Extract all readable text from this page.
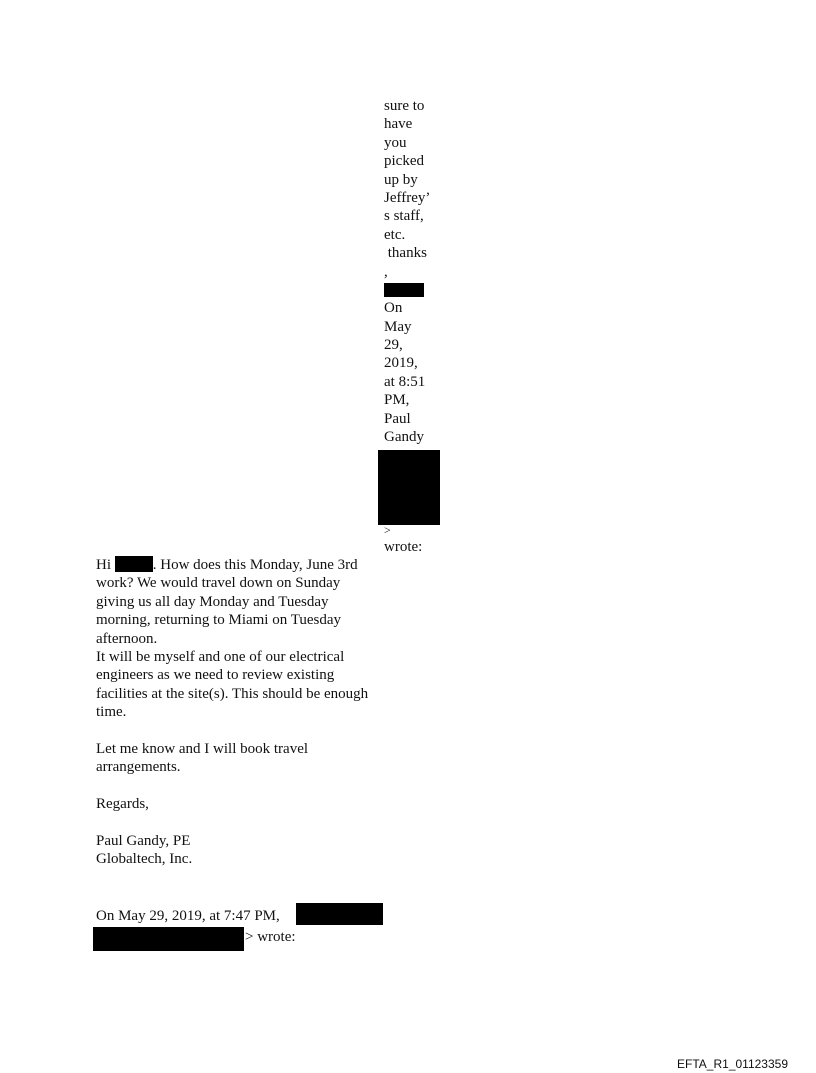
sure to
have
you
picked
up by
Jeffrey’
s staff,
etc.
thanks
,
On
May
29,
2019,
at 8:51
PM,
Paul
Gandy
>
wrote:
Hi	. How does this Monday, June 3rd
work? We would travel down on Sunday
giving us all day Monday and Tuesday
morning, returning to Miami on Tuesday
afternoon.
It will be myself and one of our electrical
engineers as we need to review existing
facilities at the site(s). This should be enough
time.
Let me know and I will book travel
arrangements.
Regards,
Paul Gandy, PE
Globaltech, Inc.
On May 29, 2019, at 7:47 PM,
> wrote:
EFTA_R1_01123359
